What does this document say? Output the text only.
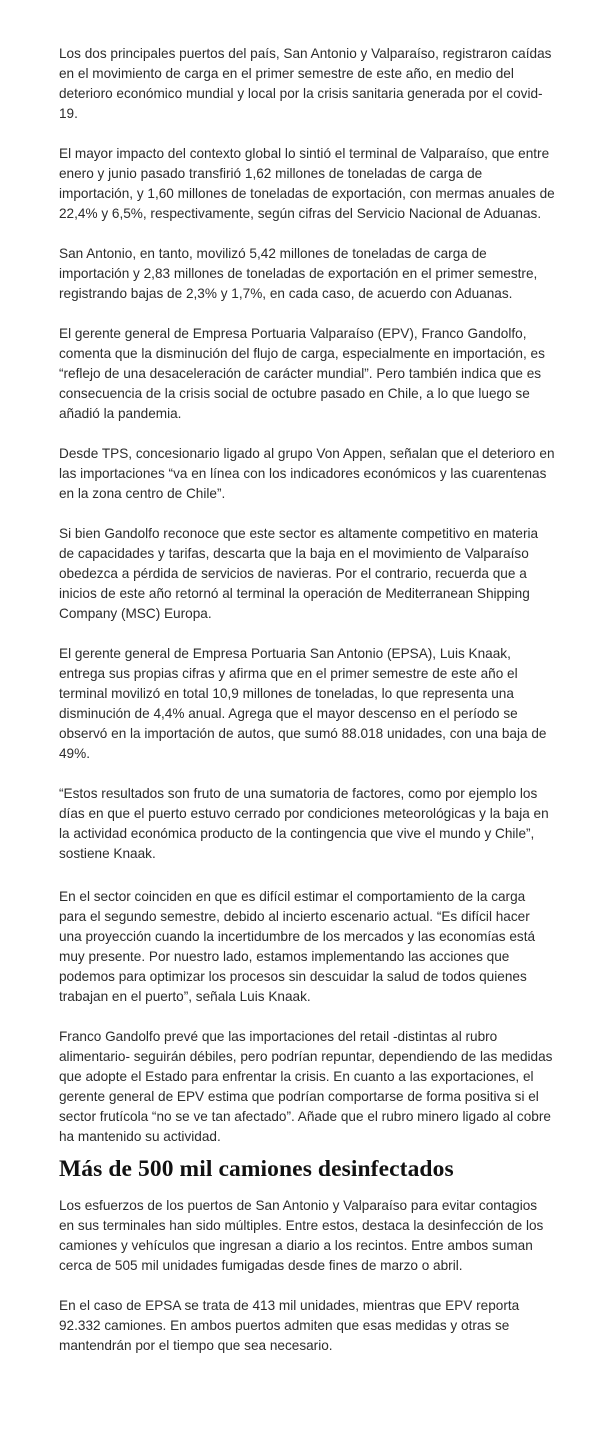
Los dos principales puertos del país, San Antonio y Valparaíso, registraron caídas en el movimiento de carga en el primer semestre de este año, en medio del deterioro económico mundial y local por la crisis sanitaria generada por el covid-19.

El mayor impacto del contexto global lo sintió el terminal de Valparaíso, que entre enero y junio pasado transfirió 1,62 millones de toneladas de carga de importación, y 1,60 millones de toneladas de exportación, con mermas anuales de 22,4% y 6,5%, respectivamente, según cifras del Servicio Nacional de Aduanas.

San Antonio, en tanto, movilizó 5,42 millones de toneladas de carga de importación y 2,83 millones de toneladas de exportación en el primer semestre, registrando bajas de 2,3% y 1,7%, en cada caso, de acuerdo con Aduanas.

El gerente general de Empresa Portuaria Valparaíso (EPV), Franco Gandolfo, comenta que la disminución del flujo de carga, especialmente en importación, es “reflejo de una desaceleración de carácter mundial”. Pero también indica que es consecuencia de la crisis social de octubre pasado en Chile, a lo que luego se añadió la pandemia.

Desde TPS, concesionario ligado al grupo Von Appen, señalan que el deterioro en las importaciones “va en línea con los indicadores económicos y las cuarentenas en la zona centro de Chile”.

Si bien Gandolfo reconoce que este sector es altamente competitivo en materia de capacidades y tarifas, descarta que la baja en el movimiento de Valparaíso obedezca a pérdida de servicios de navieras. Por el contrario, recuerda que a inicios de este año retornó al terminal la operación de Mediterranean Shipping Company (MSC) Europa.

El gerente general de Empresa Portuaria San Antonio (EPSA), Luis Knaak, entrega sus propias cifras y afirma que en el primer semestre de este año el terminal movilizó en total 10,9 millones de toneladas, lo que representa una disminución de 4,4% anual. Agrega que el mayor descenso en el período se observó en la importación de autos, que sumó 88.018 unidades, con una baja de 49%.

“Estos resultados son fruto de una sumatoria de factores, como por ejemplo los días en que el puerto estuvo cerrado por condiciones meteorológicas y la baja en la actividad económica producto de la contingencia que vive el mundo y Chile”, sostiene Knaak.

En el sector coinciden en que es difícil estimar el comportamiento de la carga para el segundo semestre, debido al incierto escenario actual. “Es difícil hacer una proyección cuando la incertidumbre de los mercados y las economías está muy presente. Por nuestro lado, estamos implementando las acciones que podemos para optimizar los procesos sin descuidar la salud de todos quienes trabajan en el puerto”, señala Luis Knaak.

Franco Gandolfo prevé que las importaciones del retail -distintas al rubro alimentario- seguirán débiles, pero podrían repuntar, dependiendo de las medidas que adopte el Estado para enfrentar la crisis. En cuanto a las exportaciones, el gerente general de EPV estima que podrían comportarse de forma positiva si el sector frutícola “no se ve tan afectado”. Añade que el rubro minero ligado al cobre ha mantenido su actividad.

Más de 500 mil camiones desinfectados

Los esfuerzos de los puertos de San Antonio y Valparaíso para evitar contagios en sus terminales han sido múltiples. Entre estos, destaca la desinfección de los camiones y vehículos que ingresan a diario a los recintos. Entre ambos suman cerca de 505 mil unidades fumigadas desde fines de marzo o abril.

En el caso de EPSA se trata de 413 mil unidades, mientras que EPV reporta 92.332 camiones. En ambos puertos admiten que esas medidas y otras se mantendrán por el tiempo que sea necesario.
